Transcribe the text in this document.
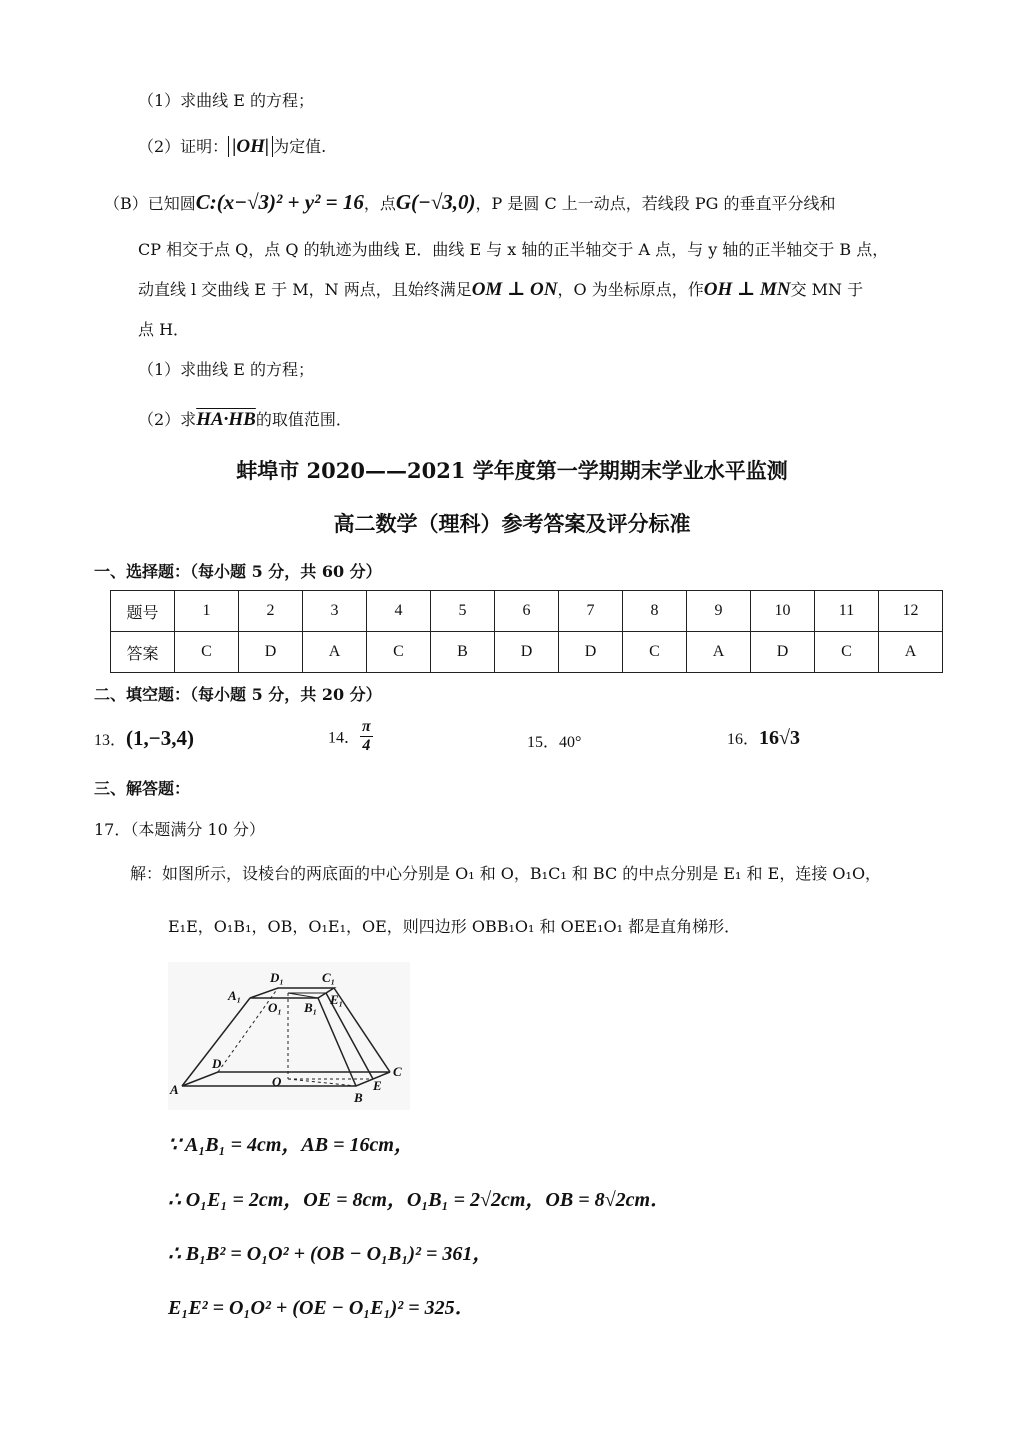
（1）求曲线 E 的方程；
（2）证明： |OH| 为定值.
（B）已知圆C:(x−√3)² + y² = 16，点G(−√3,0)，P 是圆 C 上一动点，若线段 PG 的垂直平分线和
CP 相交于点 Q，点 Q 的轨迹为曲线 E．曲线 E 与 x 轴的正半轴交于 A 点，与 y 轴的正半轴交于 B 点，
动直线 l 交曲线 E 于 M，N 两点，且始终满足OM ⊥ ON，O 为坐标原点，作OH ⊥ MN交 MN 于
点 H．
（1）求曲线 E 的方程；
（2）求HA·HB的取值范围．
蚌埠市 2020——2021 学年度第一学期期末学业水平监测
高二数学（理科）参考答案及评分标准
一、选择题：（每小题 5 分，共 60 分）
题号	1	2	3	4	5	6	7	8	9	10	11	12
答案	C	D	A	C	B	D	D	C	A	D	C	A
二、填空题：（每小题 5 分，共 20 分）
13．(1,−3,4)	14． $\frac{\pi}{4}$	15．40°	16．16√3
三、解答题：
17．（本题满分 10 分）
解：如图所示，设棱台的两底面的中心分别是 O₁ 和 O，B₁C₁ 和 BC 的中点分别是 E₁ 和 E，连接 O₁O，
E₁E，O₁B₁，OB，O₁E₁，OE，则四边形 OBB₁O₁ 和 OEE₁O₁ 都是直角梯形．
A₁
D₁	C₁
O₁ B₁
E₁
A
D
O
B
E
C
∵ A₁B₁ = 4cm，AB = 16cm，
∴ O₁E₁ = 2cm，OE = 8cm，O₁B₁ = 2√2cm，OB = 8√2cm．
∴ B₁B² = O₁O² + (OB − O₁B₁)² = 361，
E₁E² = O₁O² + (OE − O₁E₁)² = 325．
